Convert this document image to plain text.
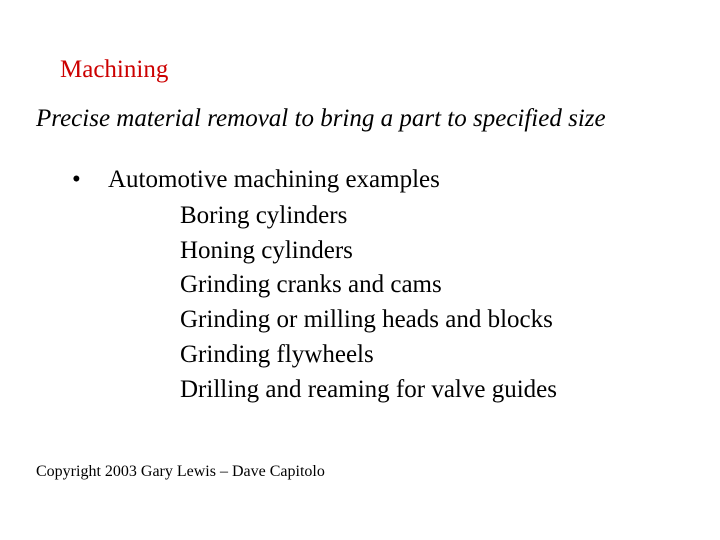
Machining
Precise material removal to bring a part to specified size
• Automotive machining examples
Boring cylinders
Honing cylinders
Grinding cranks and cams
Grinding or milling heads and blocks
Grinding flywheels
Drilling and reaming for valve guides
Copyright 2003 Gary Lewis – Dave Capitolo
